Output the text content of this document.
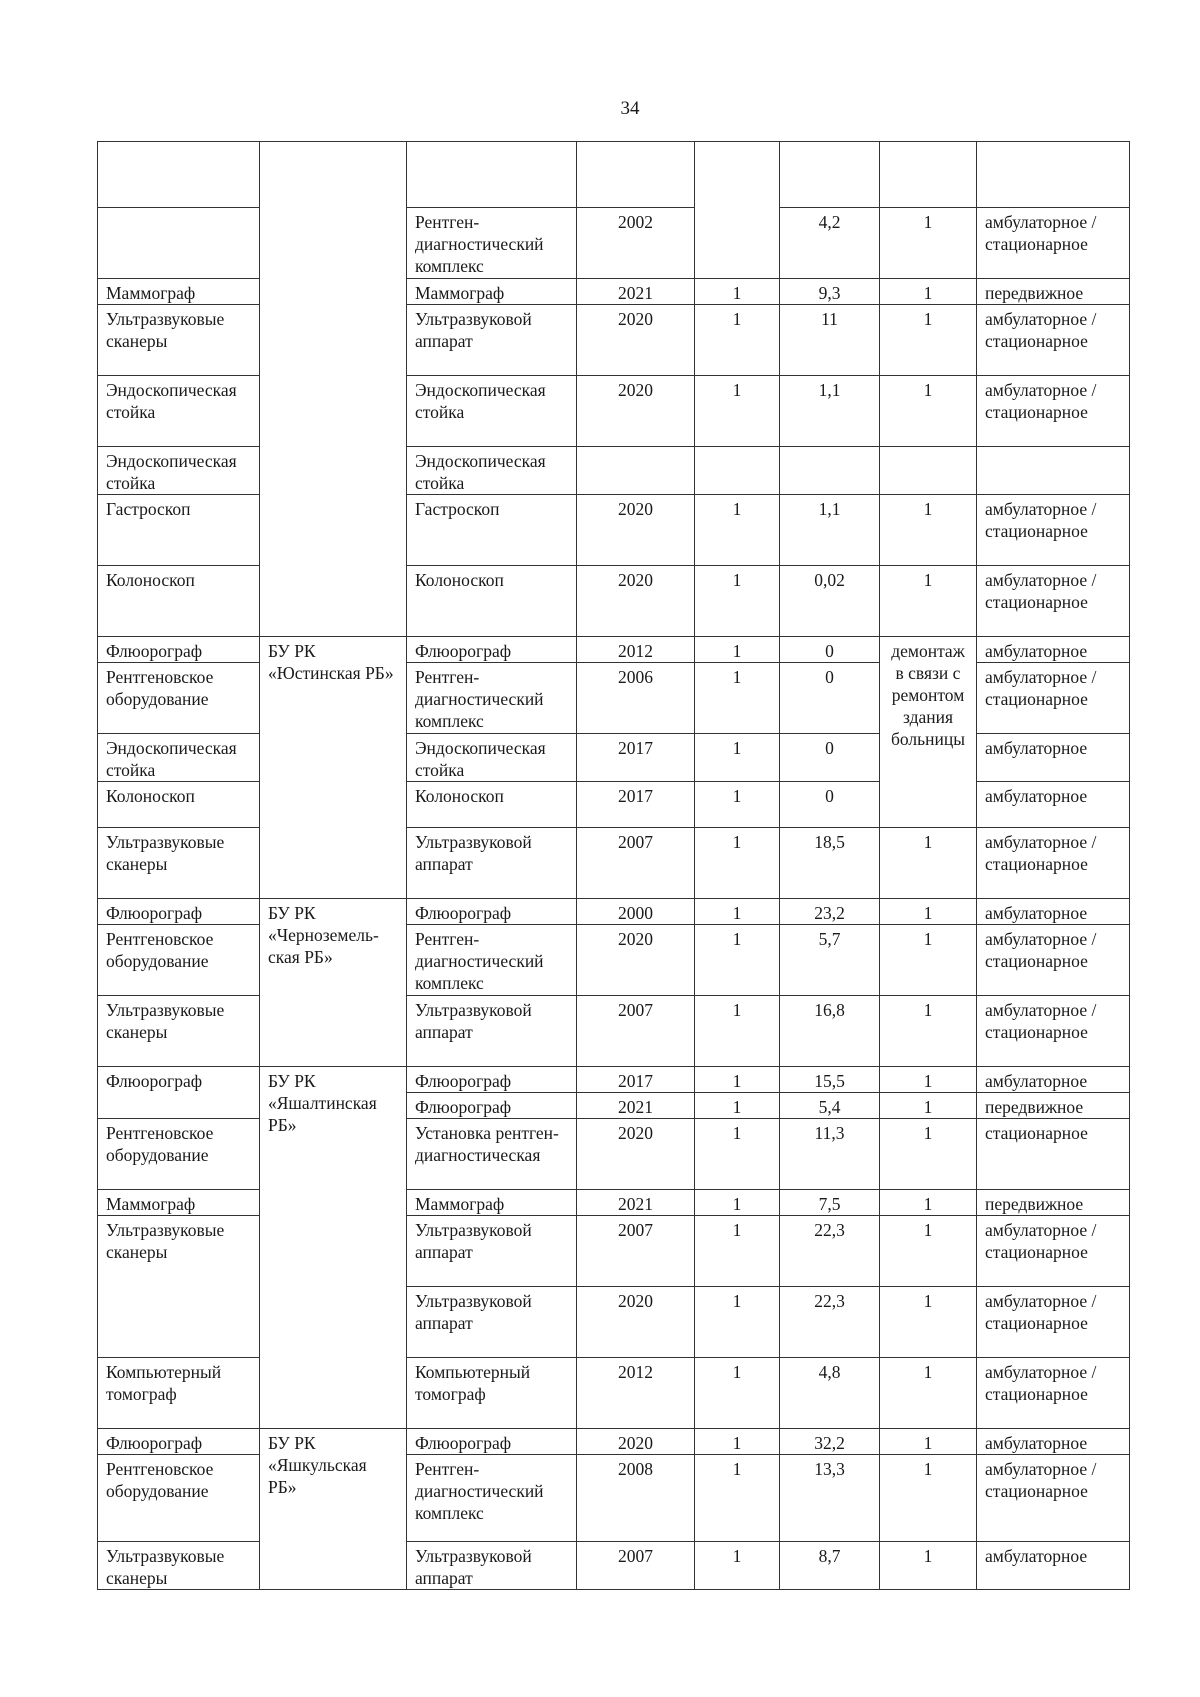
34

		Рентген-диагностический комплекс	2002		4,2	1	амбулаторное / стационарное
Маммограф		Маммограф	2021	1	9,3	1	передвижное
Ультразвуковые сканеры		Ультразвуковой аппарат	2020	1	11	1	амбулаторное / стационарное
Эндоскопическая стойка		Эндоскопическая стойка	2020	1	1,1	1	амбулаторное / стационарное
Эндоскопическая стойка		Эндоскопическая стойка					
Гастроскоп		Гастроскоп	2020	1	1,1	1	амбулаторное / стационарное
Колоноскоп		Колоноскоп	2020	1	0,02	1	амбулаторное / стационарное
Флюорограф	БУ РК «Юстинская РБ»	Флюорограф	2012	1	0	демонтаж в связи с ремонтом здания больницы	амбулаторное
Рентгеновское оборудование		Рентген-диагностический комплекс	2006	1	0		амбулаторное / стационарное
Эндоскопическая стойка		Эндоскопическая стойка	2017	1	0		амбулаторное
Колоноскоп		Колоноскоп	2017	1	0		амбулаторное
Ультразвуковые сканеры		Ультразвуковой аппарат	2007	1	18,5	1	амбулаторное / стационарное
Флюорограф	БУ РК «Черноземель-ская РБ»	Флюорограф	2000	1	23,2	1	амбулаторное
Рентгеновское оборудование		Рентген-диагностический комплекс	2020	1	5,7	1	амбулаторное / стационарное
Ультразвуковые сканеры		Ультразвуковой аппарат	2007	1	16,8	1	амбулаторное / стационарное
Флюорограф	БУ РК «Яшалтинская РБ»	Флюорограф	2017	1	15,5	1	амбулаторное
		Флюорограф	2021	1	5,4	1	передвижное
Рентгеновское оборудование		Установка рентген-диагностическая	2020	1	11,3	1	стационарное
Маммограф		Маммограф	2021	1	7,5	1	передвижное
Ультразвуковые сканеры		Ультразвуковой аппарат	2007	1	22,3	1	амбулаторное / стационарное
		Ультразвуковой аппарат	2020	1	22,3	1	амбулаторное / стационарное
Компьютерный томограф		Компьютерный томограф	2012	1	4,8	1	амбулаторное / стационарное
Флюорограф	БУ РК «Яшкульская РБ»	Флюорограф	2020	1	32,2	1	амбулаторное
Рентгеновское оборудование		Рентген-диагностический комплекс	2008	1	13,3	1	амбулаторное / стационарное
Ультразвуковые сканеры		Ультразвуковой аппарат	2007	1	8,7	1	амбулаторное
